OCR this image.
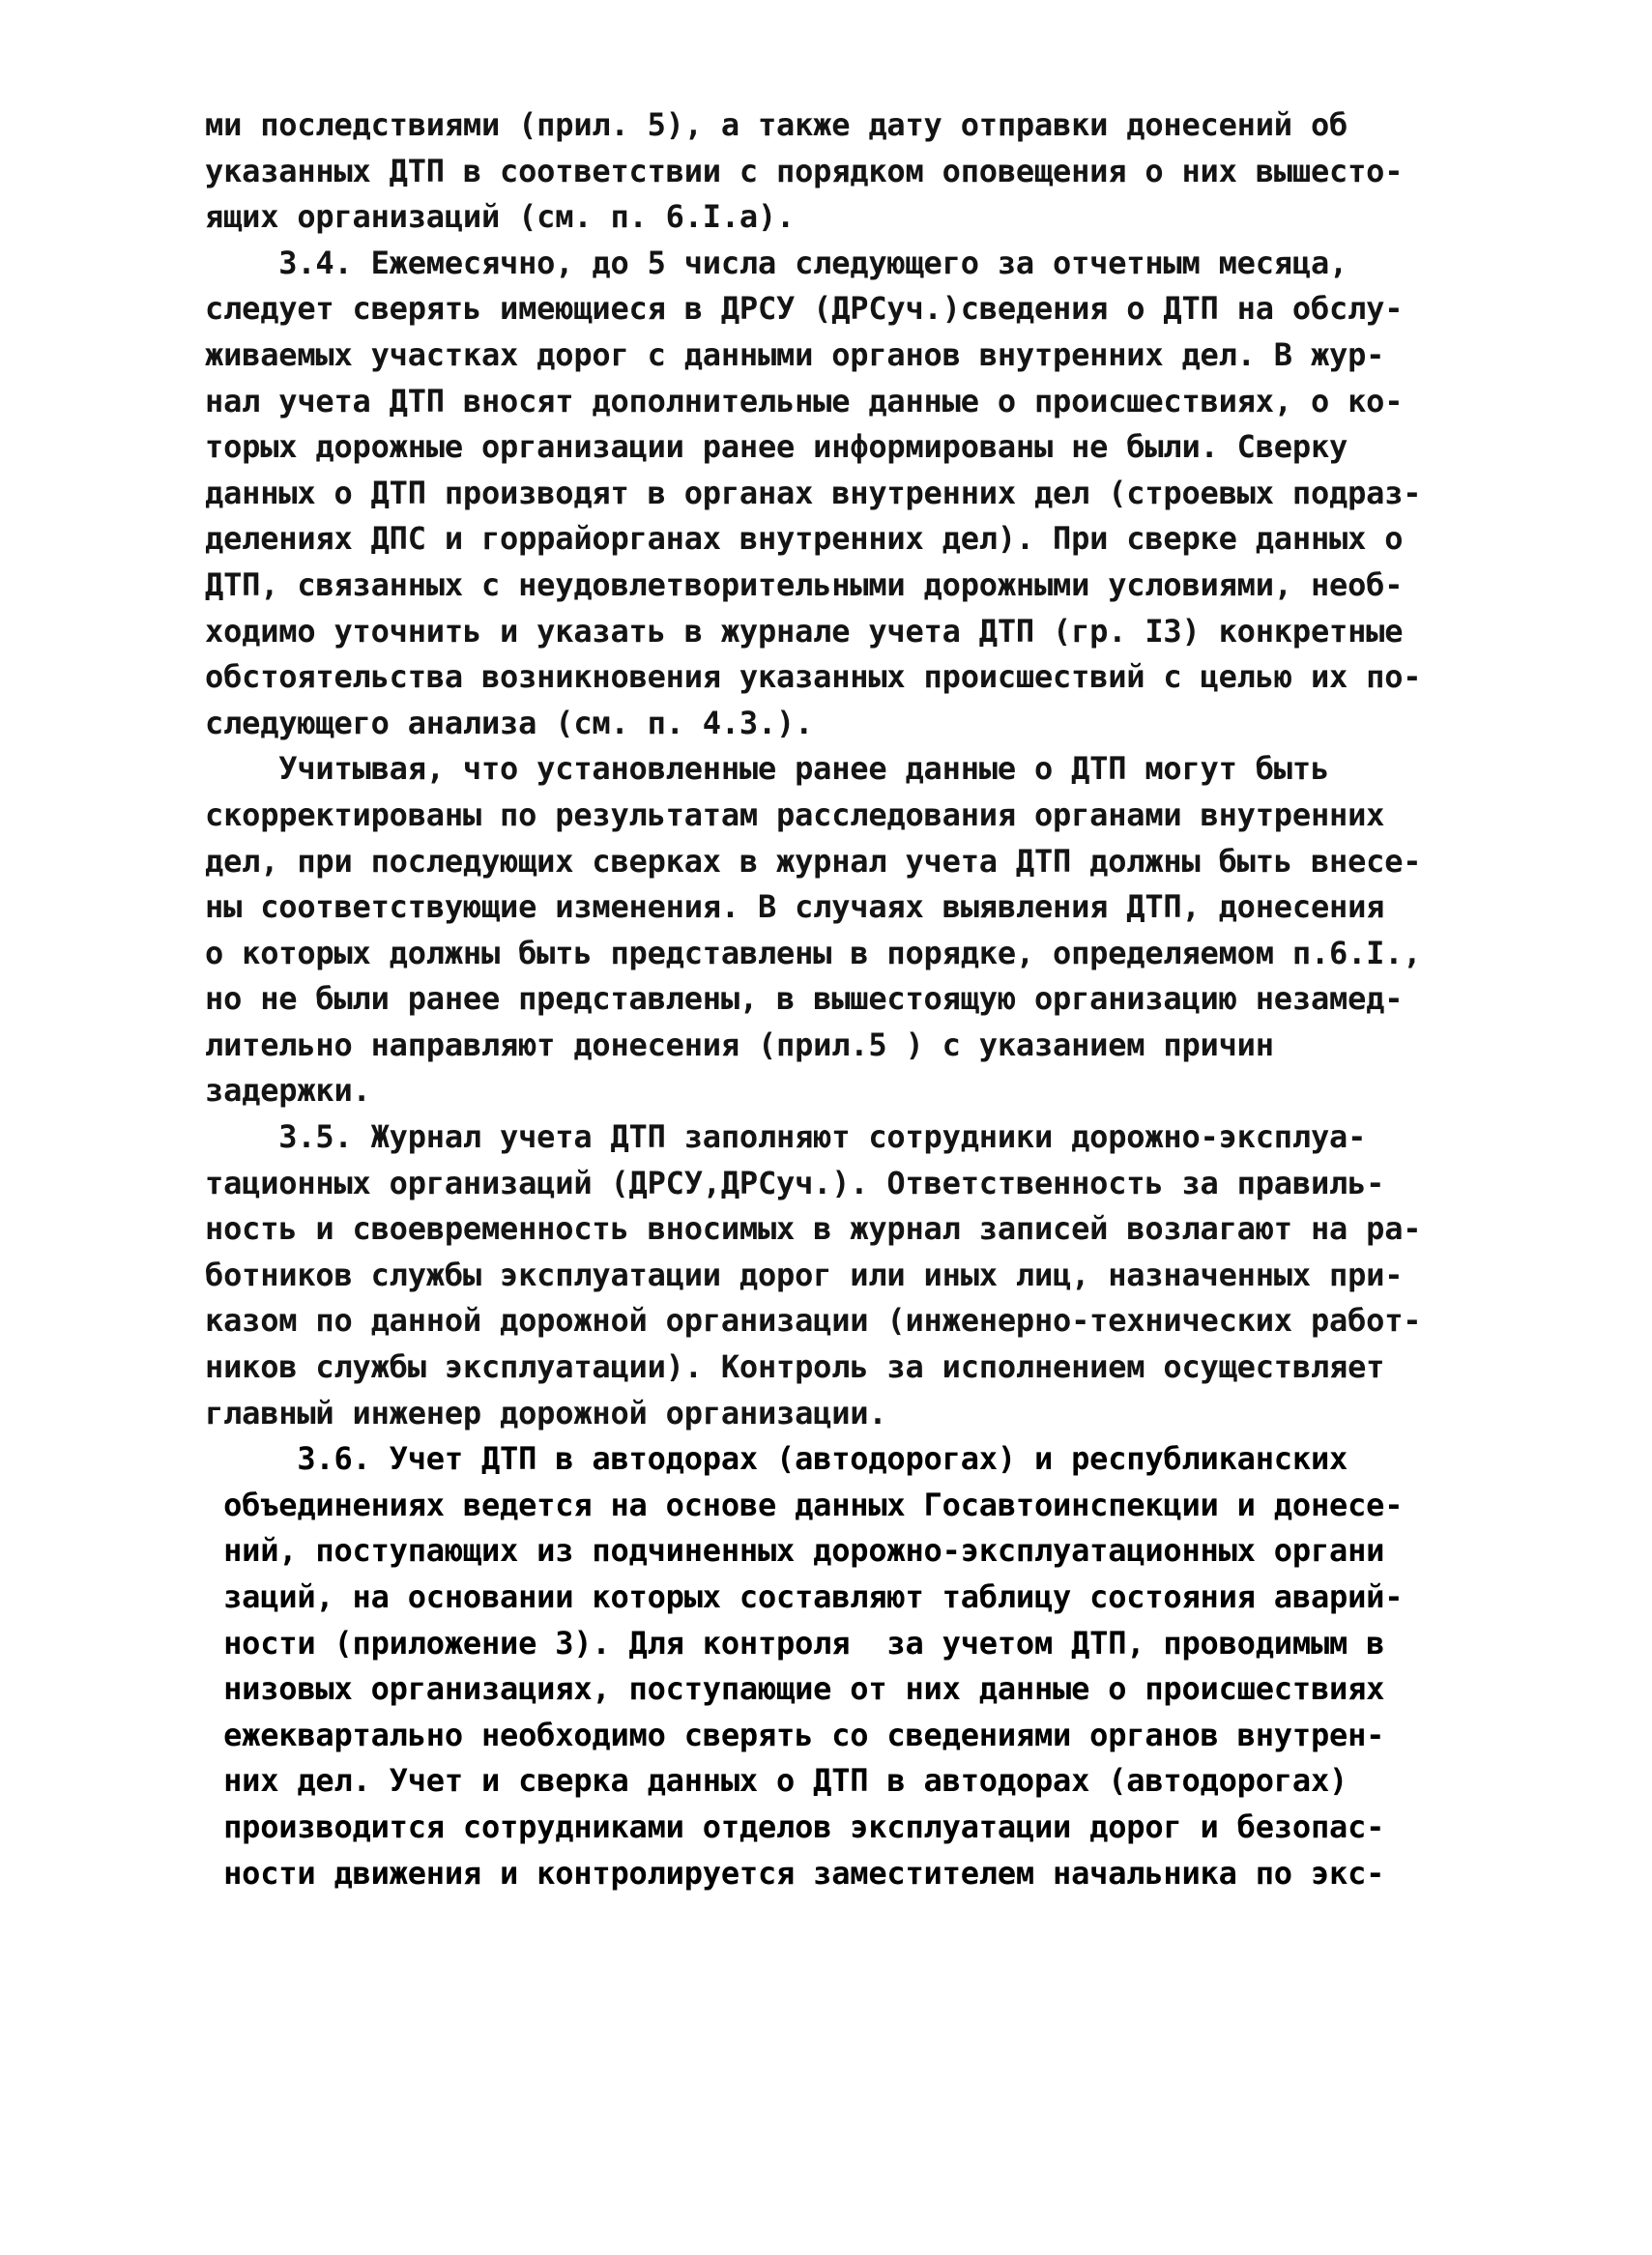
ми последствиями (прил. 5), а также дату отправки донесений об
указанных ДТП в соответствии с порядком оповещения о них вышесто-
ящих организаций (см. п. 6.I.а).
3.4. Ежемесячно, до 5 числа следующего за отчетным месяца,
следует сверять имеющиеся в ДРСУ (ДРСуч.)сведения о ДТП на обслу-
живаемых участках дорог с данными органов внутренних дел. В жур-
нал учета ДТП вносят дополнительные данные о происшествиях, о ко-
торых дорожные организации ранее информированы не были. Сверку
данных о ДТП производят в органах внутренних дел (строевых подраз-
делениях ДПС и горрайорганах внутренних дел). При сверке данных о
ДТП, связанных с неудовлетворительными дорожными условиями, необ-
ходимо уточнить и указать в журнале учета ДТП (гр. I3) конкретные
обстоятельства возникновения указанных происшествий с целью их по-
следующего анализа (см. п. 4.3.).
Учитывая, что установленные ранее данные о ДТП могут быть
скорректированы по результатам расследования органами внутренних
дел, при последующих сверках в журнал учета ДТП должны быть внесе-
ны соответствующие изменения. В случаях выявления ДТП, донесения
о которых должны быть представлены в порядке, определяемом п.6.I.,
но не были ранее представлены, в вышестоящую организацию незамед-
лительно направляют донесения (прил.5 ) с указанием причин
задержки.
3.5. Журнал учета ДТП заполняют сотрудники дорожно-эксплуа-
тационных организаций (ДРСУ,ДРСуч.). Ответственность за правиль-
ность и своевременность вносимых в журнал записей возлагают на ра-
ботников службы эксплуатации дорог или иных лиц, назначенных при-
казом по данной дорожной организации (инженерно-технических работ-
ников службы эксплуатации). Контроль за исполнением осуществляет
главный инженер дорожной организации.
3.6. Учет ДТП в автодорах (автодорогах) и республиканских
объединениях ведется на основе данных Госавтоинспекции и донесе-
ний, поступающих из подчиненных дорожно-эксплуатационных органи
заций, на основании которых составляют таблицу состояния аварий-
ности (приложение 3). Для контроля  за учетом ДТП, проводимым в
низовых организациях, поступающие от них данные о происшествиях
ежеквартально необходимо сверять со сведениями органов внутрен-
них дел. Учет и сверка данных о ДТП в автодорах (автодорогах)
производится сотрудниками отделов эксплуатации дорог и безопас-
ности движения и контролируется заместителем начальника по экс-
